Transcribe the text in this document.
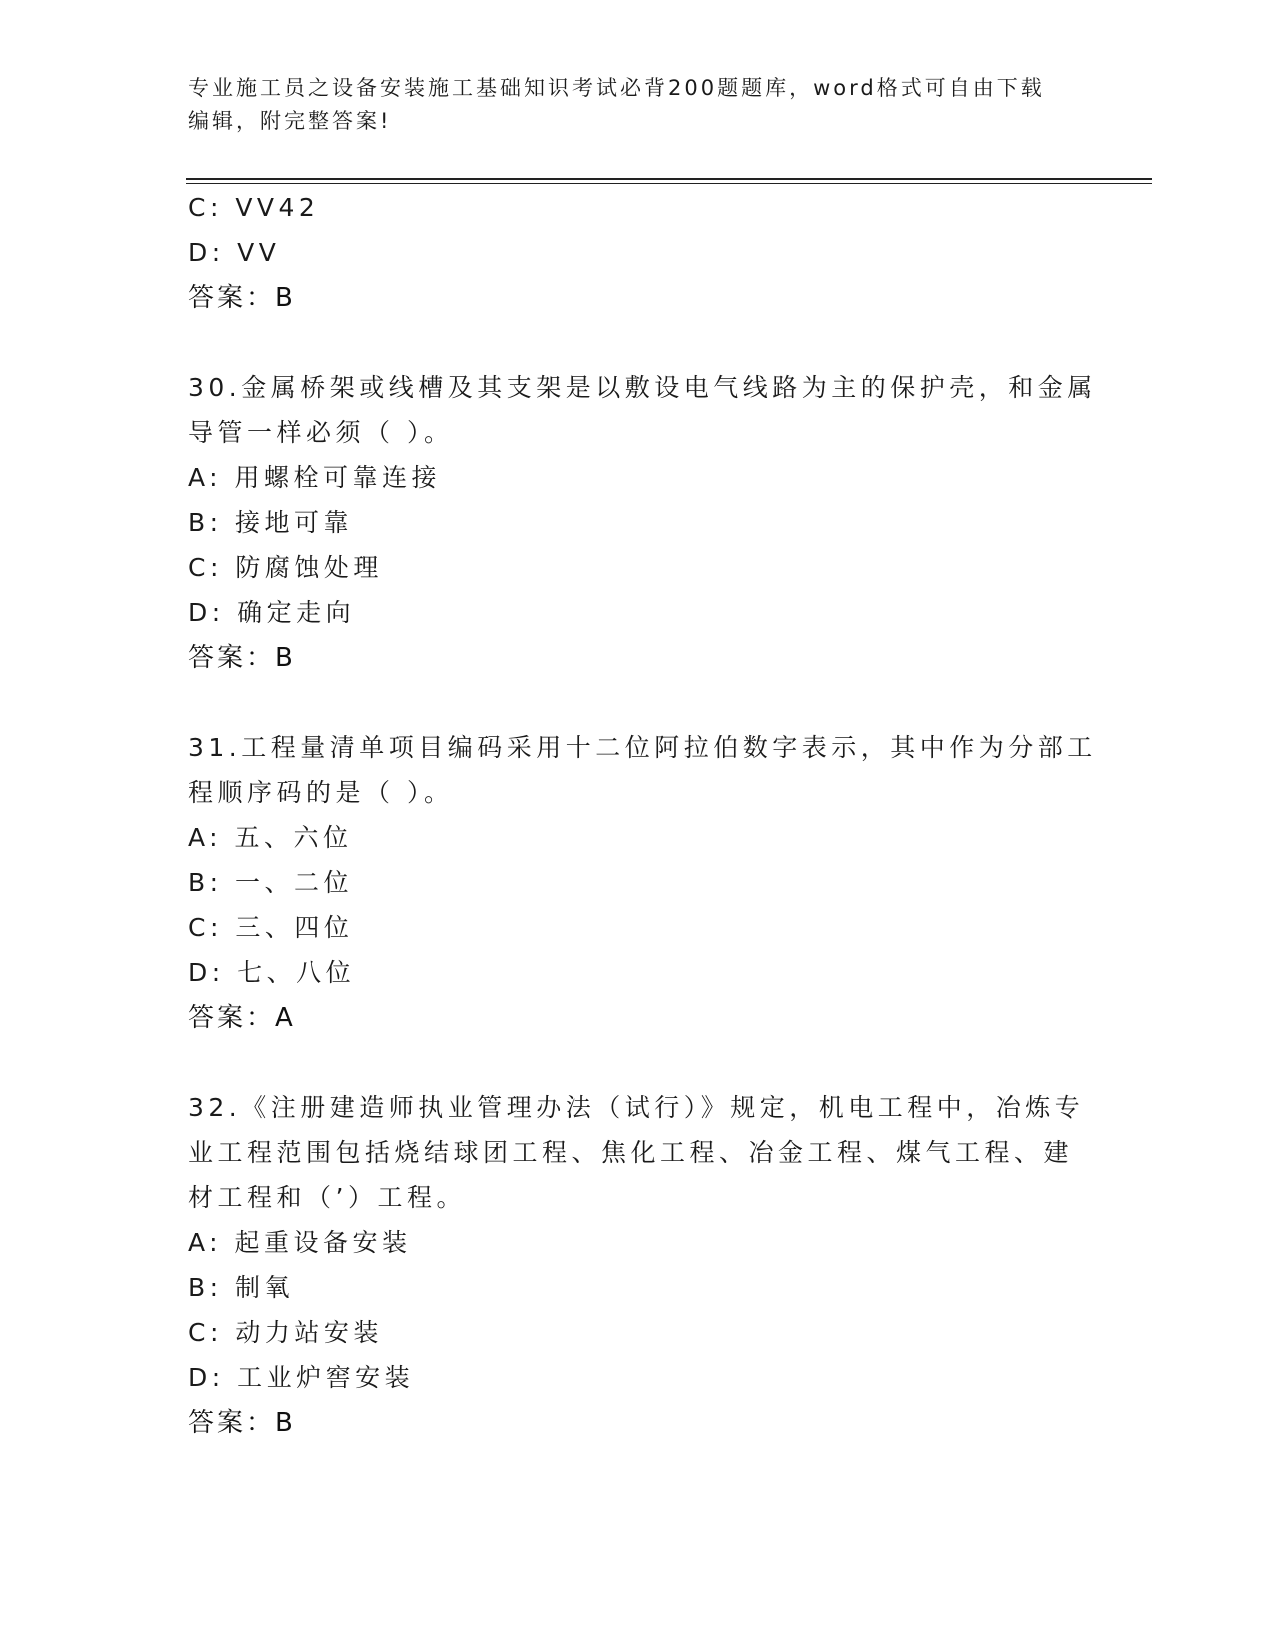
专业施工员之设备安装施工基础知识考试必背200题题库，word格式可自由下载
编辑，附完整答案!
C: VV42
D: VV
答案：B
30.金属桥架或线槽及其支架是以敷设电气线路为主的保护壳，和金属
导管一样必须（ ）。
A: 用螺栓可靠连接
B: 接地可靠
C: 防腐蚀处理
D: 确定走向
答案：B
31.工程量清单项目编码采用十二位阿拉伯数字表示，其中作为分部工
程顺序码的是（ ）。
A: 五、六位
B: 一、二位
C: 三、四位
D: 七、八位
答案：A
32.《注册建造师执业管理办法（试行）》规定，机电工程中，冶炼专
业工程范围包括烧结球团工程、焦化工程、冶金工程、煤气工程、建
材工程和（’）工程。
A: 起重设备安装
B: 制氧
C: 动力站安装
D: 工业炉窖安装
答案：B
